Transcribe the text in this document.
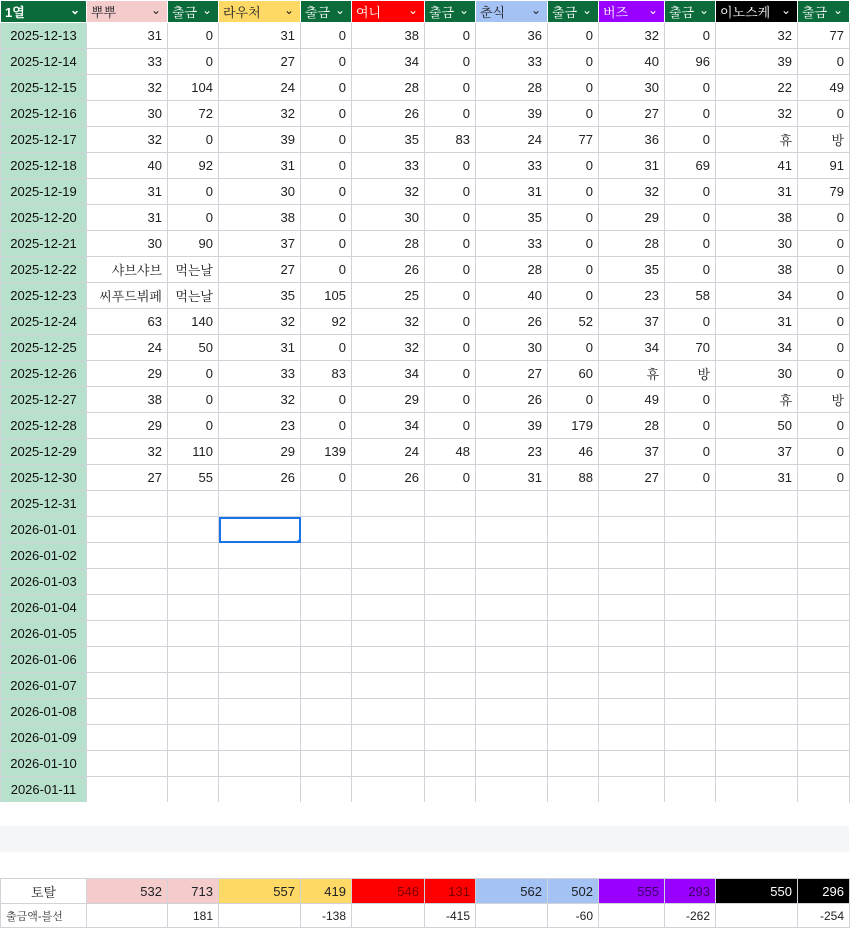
1열 ⌄	뿌뿌 ⌄	출금 ⌄	라우처 ⌄	출금 ⌄	여니 ⌄	출금 ⌄	춘식 ⌄	출금 ⌄	버즈 ⌄	출금 ⌄	이노스케 ⌄	출금 ⌄

2025-12-13	31	0	31	0	38	0	36	0	32	0	32	77
2025-12-14	33	0	27	0	34	0	33	0	40	96	39	0
2025-12-15	32	104	24	0	28	0	28	0	30	0	22	49
2025-12-16	30	72	32	0	26	0	39	0	27	0	32	0
2025-12-17	32	0	39	0	35	83	24	77	36	0	휴	방
2025-12-18	40	92	31	0	33	0	33	0	31	69	41	91
2025-12-19	31	0	30	0	32	0	31	0	32	0	31	79
2025-12-20	31	0	38	0	30	0	35	0	29	0	38	0
2025-12-21	30	90	37	0	28	0	33	0	28	0	30	0
2025-12-22	샤브샤브	먹는날	27	0	26	0	28	0	35	0	38	0
2025-12-23	씨푸드뷔페	먹는날	35	105	25	0	40	0	23	58	34	0
2025-12-24	63	140	32	92	32	0	26	52	37	0	31	0
2025-12-25	24	50	31	0	32	0	30	0	34	70	34	0
2025-12-26	29	0	33	83	34	0	27	60	휴	방	30	0
2025-12-27	38	0	32	0	29	0	26	0	49	0	휴	방
2025-12-28	29	0	23	0	34	0	39	179	28	0	50	0
2025-12-29	32	110	29	139	24	48	23	46	37	0	37	0
2025-12-30	27	55	26	0	26	0	31	88	27	0	31	0
2025-12-31												
2026-01-01												
2026-01-02												
2026-01-03												
2026-01-04												
2026-01-05												
2026-01-06												
2026-01-07												
2026-01-08												
2026-01-09												
2026-01-10												
2026-01-11												
토탈	532	713	557	419	546	131	562	502	555	293	550	296
출금액-블선		181		-138		-415		-60		-262		-254
